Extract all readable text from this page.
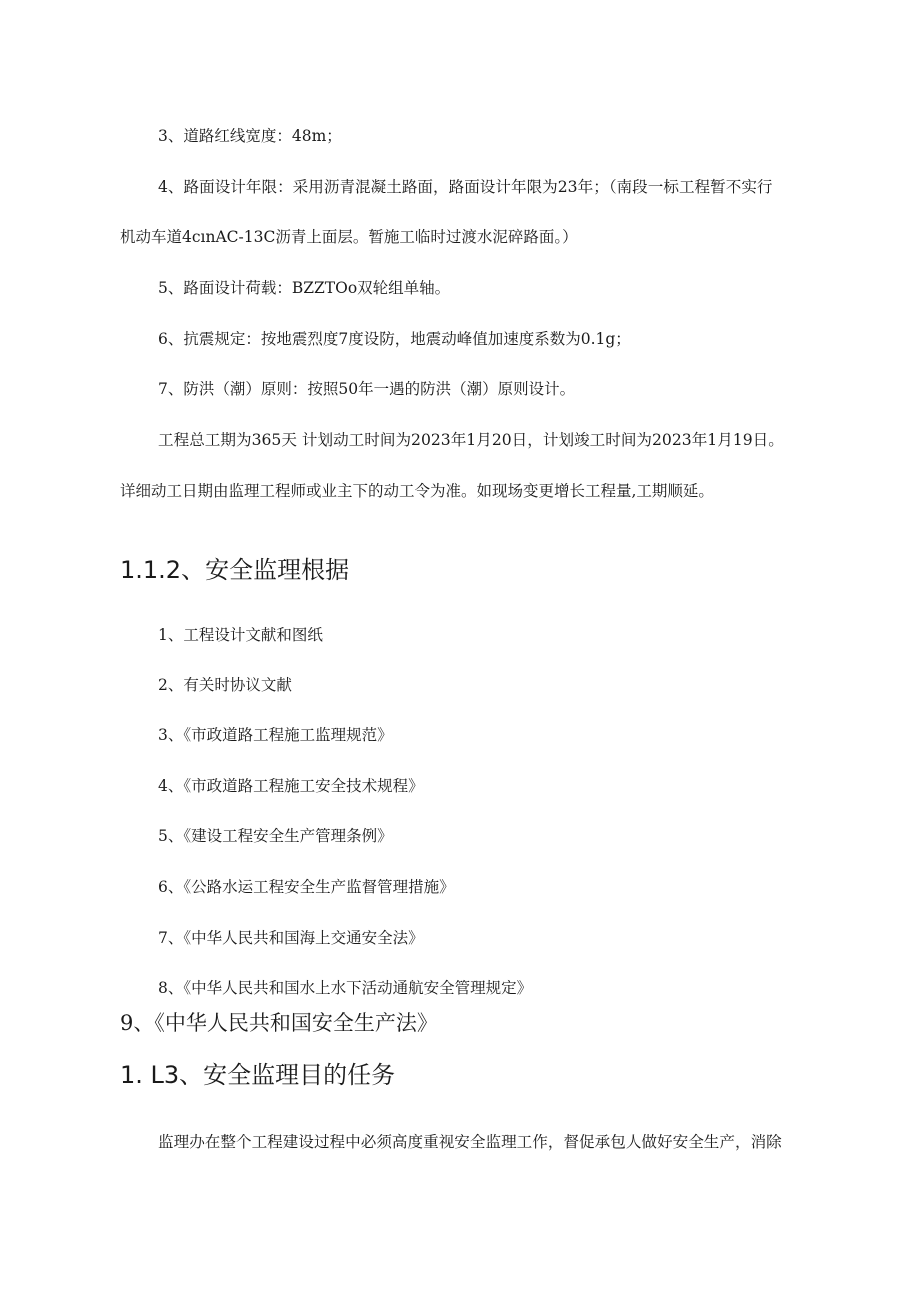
3、道路红线宽度：48m；
4、路面设计年限：采用沥青混凝土路面，路面设计年限为23年；（南段一标工程暂不实行
机动车道4cınAC-13C沥青上面层。暂施工临时过渡水泥碎路面。）
5、路面设计荷载：BZZTOo双轮组单轴。
6、抗震规定：按地震烈度7度设防，地震动峰值加速度系数为0.1g；
7、防洪（潮）原则：按照50年一遇的防洪（潮）原则设计。
工程总工期为365天 计划动工时间为2023年1月20日，计划竣工时间为2023年1月19日。
详细动工日期由监理工程师或业主下的动工令为准。如现场变更增长工程量,工期顺延。
1.1.2、安全监理根据
1、工程设计文献和图纸
2、有关时协议文献
3、《市政道路工程施工监理规范》
4、《市政道路工程施工安全技术规程》
5、《建设工程安全生产管理条例》
6、《公路水运工程安全生产监督管理措施》
7、《中华人民共和国海上交通安全法》
8、《中华人民共和国水上水下活动通航安全管理规定》
9、《中华人民共和国安全生产法》
1. L3、安全监理目的任务
监理办在整个工程建设过程中必须高度重视安全监理工作，督促承包人做好安全生产，消除
